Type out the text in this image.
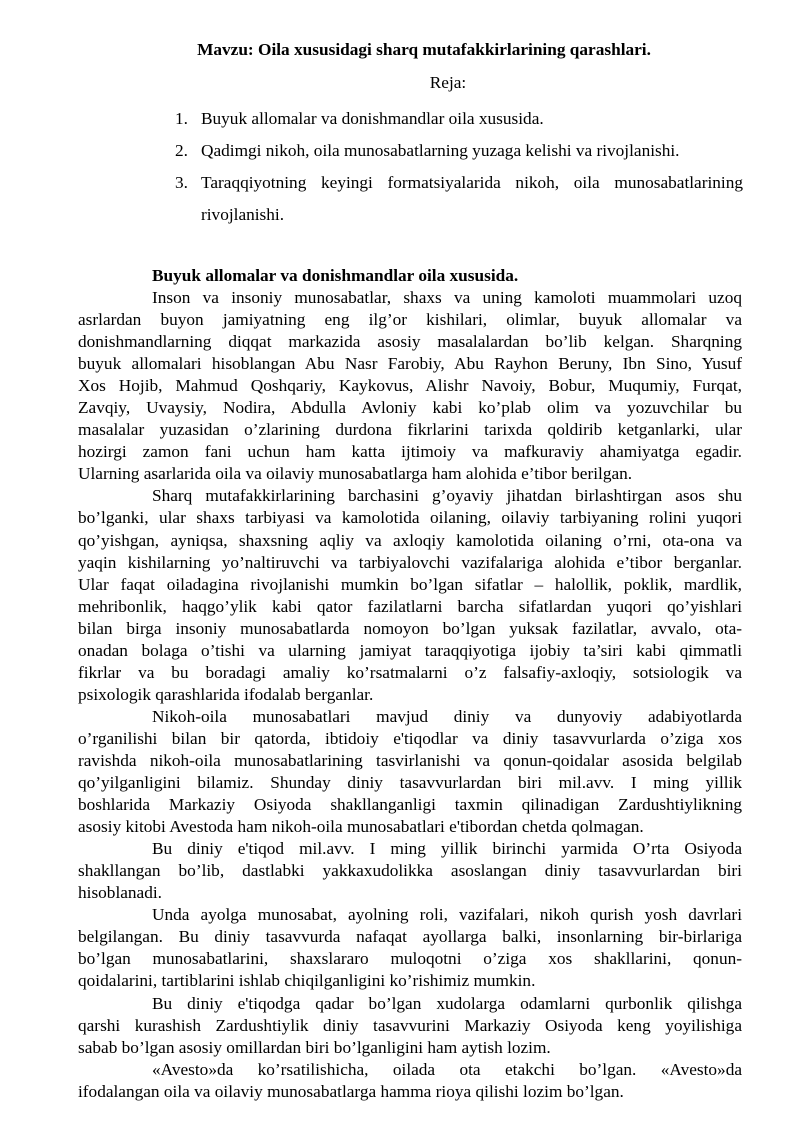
Mavzu: Oila xususidagi sharq mutafakkirlarining qarashlari.
Reja:
1. Buyuk allomalar va donishmandlar oila xususida.
2. Qadimgi nikoh, oila munosabatlarning yuzaga kelishi va rivojlanishi.
3. Taraqqiyotning keyingi formatsiyalarida nikoh, oila munosabatlarining
rivojlanishi.
Buyuk allomalar va donishmandlar oila xususida.
Inson va insoniy munosabatlar, shaxs va uning kamoloti muammolari uzoq
asrlardan buyon jamiyatning eng ilg’or kishilari, olimlar, buyuk allomalar va
donishmandlarning diqqat markazida asosiy masalalardan bo’lib kelgan. Sharqning
buyuk allomalari hisoblangan Abu Nasr Farobiy, Abu Rayhon Beruny, Ibn Sino, Yusuf
Xos Hojib, Mahmud Qoshqariy, Kaykovus, Alishr Navoiy, Bobur, Muqumiy, Furqat,
Zavqiy, Uvaysiy, Nodira, Abdulla Avloniy kabi ko’plab olim va yozuvchilar bu
masalalar yuzasidan o’zlarining durdona fikrlarini tarixda qoldirib ketganlarki, ular
hozirgi zamon fani uchun ham katta ijtimoiy va mafkuraviy ahamiyatga egadir.
Ularning asarlarida oila va oilaviy munosabatlarga ham alohida e’tibor berilgan.
Sharq mutafakkirlarining barchasini g’oyaviy jihatdan birlashtirgan asos shu
bo’lganki, ular shaxs tarbiyasi va kamolotida oilaning, oilaviy tarbiyaning rolini yuqori
qo’yishgan, ayniqsa, shaxsning aqliy va axloqiy kamolotida oilaning o’rni, ota-ona va
yaqin kishilarning yo’naltiruvchi va tarbiyalovchi vazifalariga alohida e’tibor berganlar.
Ular faqat oiladagina rivojlanishi mumkin bo’lgan sifatlar – halollik, poklik, mardlik,
mehribonlik, haqgo’ylik kabi qator fazilatlarni barcha sifatlardan yuqori qo’yishlari
bilan birga insoniy munosabatlarda nomoyon bo’lgan yuksak fazilatlar, avvalo, ota-
onadan bolaga o’tishi va ularning jamiyat taraqqiyotiga ijobiy ta’siri kabi qimmatli
fikrlar va bu boradagi amaliy ko’rsatmalarni o’z falsafiy-axloqiy, sotsiologik va
psixologik qarashlarida ifodalab berganlar.
Nikoh-oila munosabatlari mavjud diniy va dunyoviy adabiyotlarda
o’rganilishi bilan bir qatorda, ibtidoiy e'tiqodlar va diniy tasavvurlarda o’ziga xos
ravishda nikoh-oila munosabatlarining tasvirlanishi va qonun-qoidalar asosida belgilab
qo’yilganligini bilamiz. Shunday diniy tasavvurlardan biri mil.avv. I ming yillik
boshlarida Markaziy Osiyoda shakllanganligi taxmin qilinadigan Zardushtiylikning
asosiy kitobi Avestoda ham nikoh-oila munosabatlari e'tibordan chetda qolmagan.
Bu diniy e'tiqod mil.avv. I ming yillik birinchi yarmida O’rta Osiyoda
shakllangan bo’lib, dastlabki yakkaxudolikka asoslangan diniy tasavvurlardan biri
hisoblanadi.
Unda ayolga munosabat, ayolning roli, vazifalari, nikoh qurish yosh davrlari
belgilangan. Bu diniy tasavvurda nafaqat ayollarga balki, insonlarning bir-birlariga
bo’lgan munosabatlarini, shaxslararo muloqotni o’ziga xos shakllarini, qonun-
qoidalarini, tartiblarini ishlab chiqilganligini ko’rishimiz mumkin.
Bu diniy e'tiqodga qadar bo’lgan xudolarga odamlarni qurbonlik qilishga
qarshi kurashish Zardushtiylik diniy tasavvurini Markaziy Osiyoda keng yoyilishiga
sabab bo’lgan asosiy omillardan biri bo’lganligini ham aytish lozim.
«Avesto»da ko’rsatilishicha, oilada ota etakchi bo’lgan. «Avesto»da
ifodalangan oila va oilaviy munosabatlarga hamma rioya qilishi lozim bo’lgan.
